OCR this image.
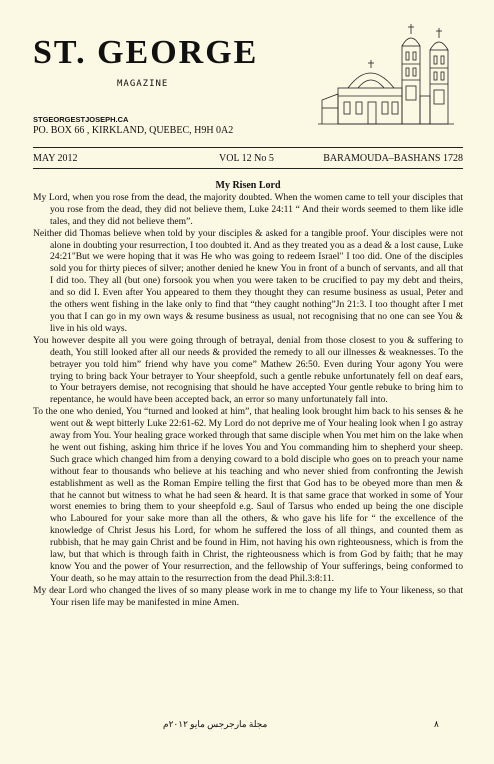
ST. GEORGE
MAGAZINE
STGEORGESTJOSEPH.CA
PO. BOX 66 , KIRKLAND, QUEBEC, H9H 0A2
MAY 2012	VOL 12 No 5	BARAMOUDA–BASHANS 1728
My Risen Lord

My Lord, when you rose from the dead, the majority doubted. When the women came to tell your disciples that you rose from the dead, they did not believe them, Luke 24:11 “ And their words seemed to them like idle tales, and they did not believe them”.

Neither did Thomas believe when told by your disciples & asked for a tangible proof. Your disciples were not alone in doubting your resurrection, I too doubted it. And as they treated you as a dead & a lost cause, Luke 24:21"But we were hoping that it was He who was going to redeem Israel" I too did. One of the disciples sold you for thirty pieces of silver; another denied he knew You in front of a bunch of servants, and all that I did too. They all (but one) forsook you when you were taken to be crucified to pay my debt and theirs, and so did I. Even after You appeared to them they thought they can resume business as usual, Peter and the others went fishing in the lake only to find that “they caught nothing”Jn 21:3. I too thought after I met you that I can go in my own ways & resume business as usual, not recognising that no one can see You & live in his old ways.

You however despite all you were going through of betrayal, denial from those closest to you & suffering to death, You still looked after all our needs & provided the remedy to all our illnesses & weaknesses. To the betrayer you told him” friend why have you come” Mathew 26:50. Even during Your agony You were trying to bring back Your betrayer to Your sheepfold, such a gentle rebuke unfortunately fell on deaf ears, to Your betrayers demise, not recognising that should he have accepted Your gentle rebuke to bring him to repentance, he would have been accepted back, an error so many unfortunately fall into.

To the one who denied, You “turned and looked at him”, that healing look brought him back to his senses & he went out & wept bitterly Luke 22:61-62. My Lord do not deprive me of Your healing look when I go astray away from You. Your healing grace worked through that same disciple when You met him on the lake when he went out fishing, asking him thrice if he loves You and You commanding him to shepherd your sheep. Such grace which changed him from a denying coward to a bold disciple who goes on to preach your name without fear to thousands who believe at his teaching and who never shied from confronting the Jewish establishment as well as the Roman Empire telling the first that God has to be obeyed more than men & that he cannot but witness to what he had seen & heard. It is that same grace that worked in some of Your worst enemies to bring them to your sheepfold e.g. Saul of Tarsus who ended up being the one disciple who Laboured for your sake more than all the others, & who gave his life for “ the excellence of the knowledge of Christ Jesus his Lord, for whom he suffered the loss of all things, and counted them as rubbish, that he may gain Christ and be found in Him, not having his own righteousness, which is from the law, but that which is through faith in Christ, the righteousness which is from God by faith; that he may know You and the power of Your resurrection, and the fellowship of Your sufferings, being conformed to Your death, so he may attain to the resurrection from the dead Phil.3:8:11.

My dear Lord who changed the lives of so many please work in me to change my life to Your likeness, so that Your risen life may be manifested in mine Amen.

مجلة مارجرجس مايو ٢٠١٢م	٨
